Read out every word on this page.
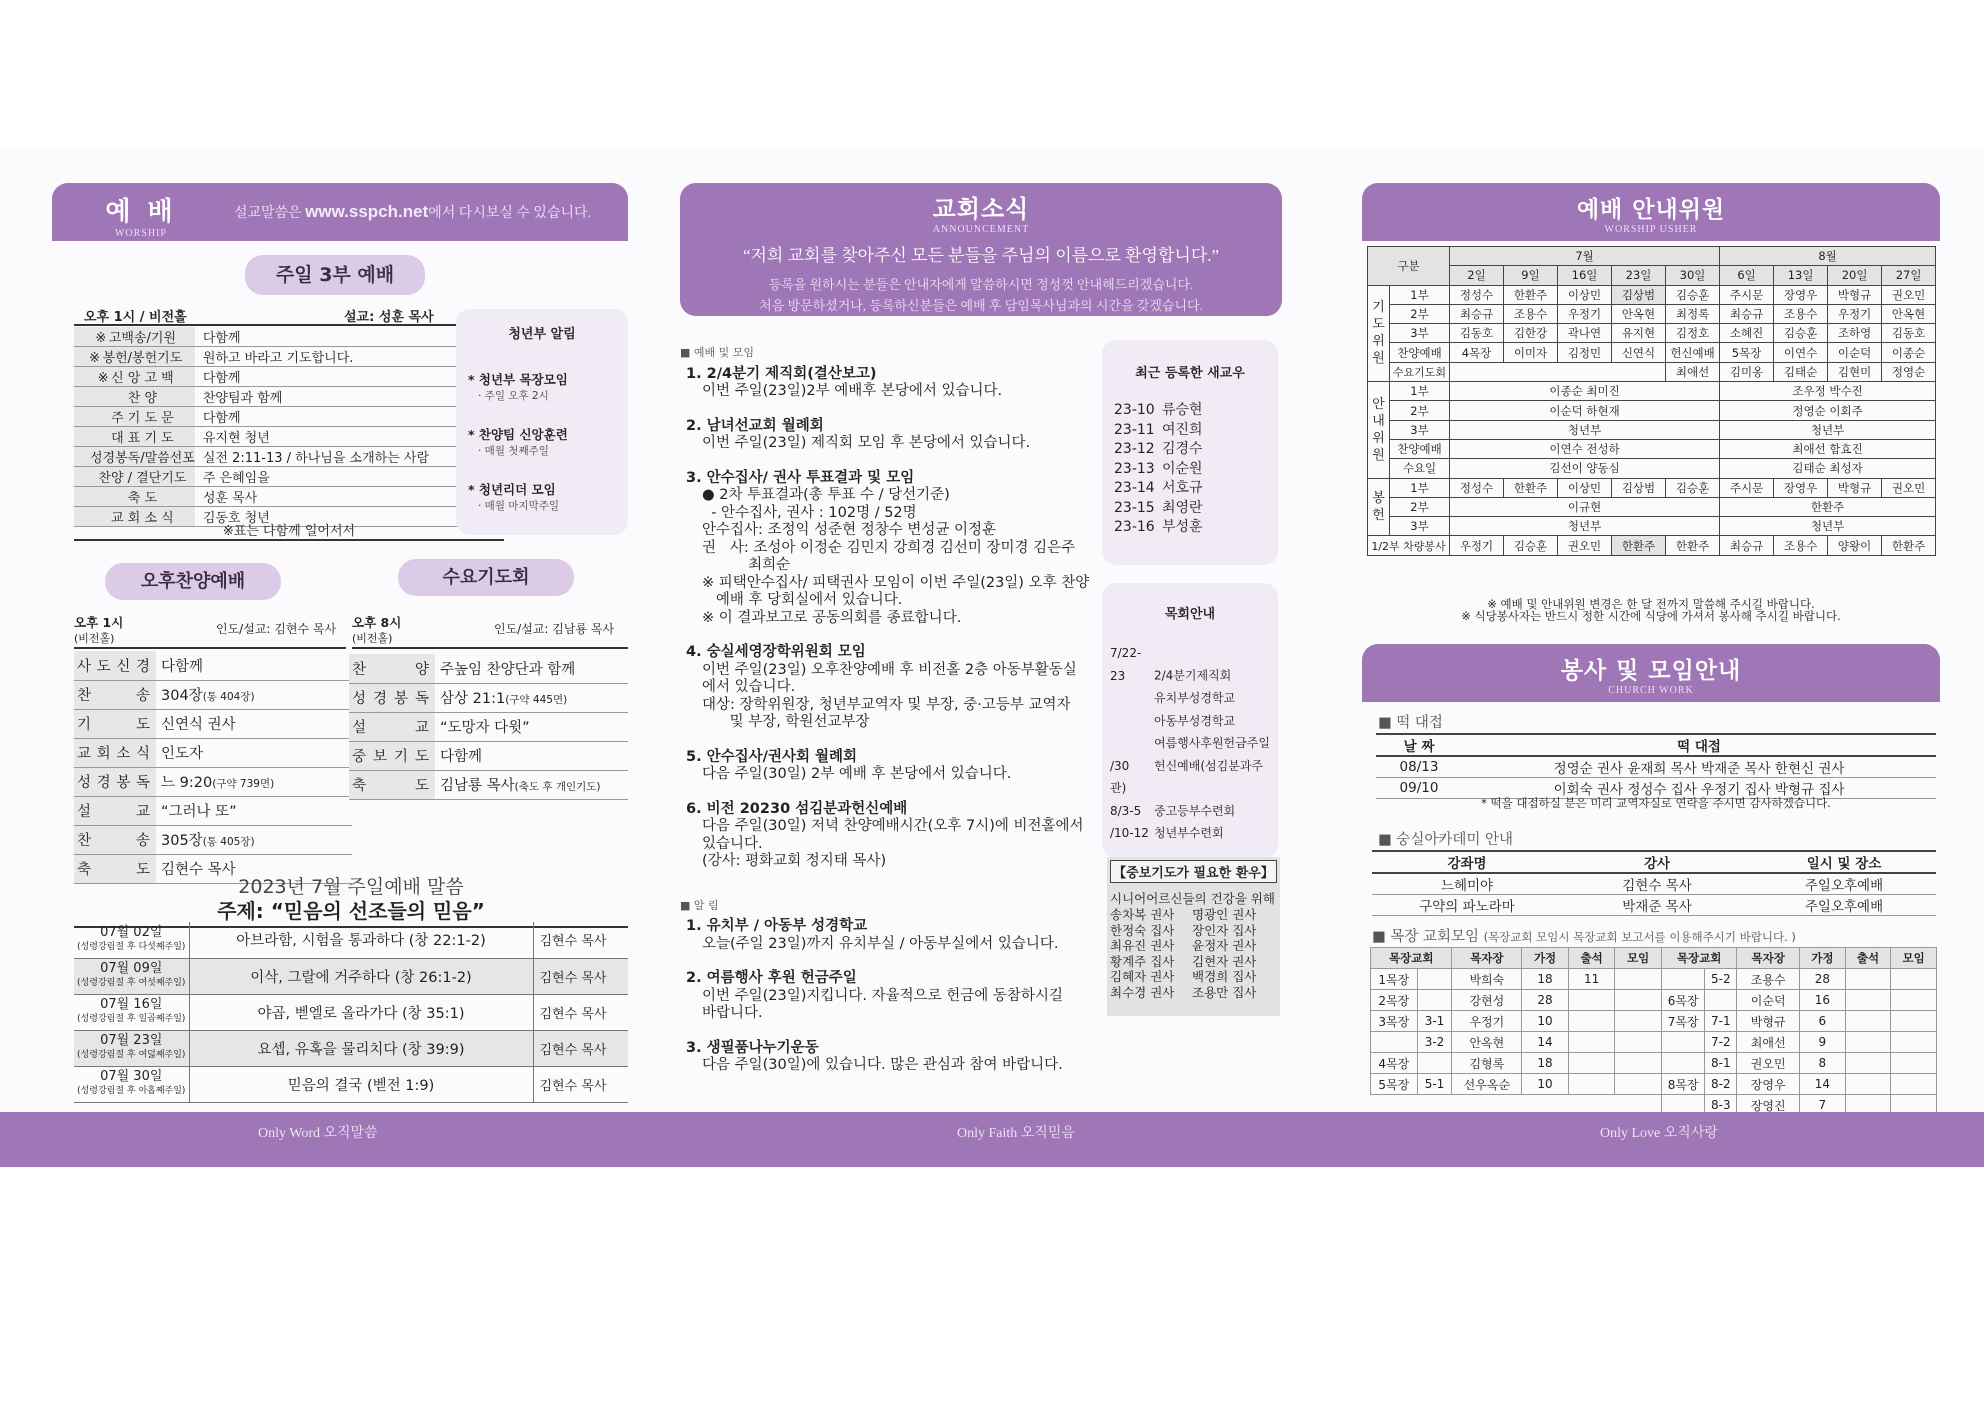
예 배
WORSHIP
설교말씀은 www.sspch.net에서 다시보실 수 있습니다.
주일 3부 예배
오후 1시 / 비전홀	설교: 성훈 목사
※ 고백송/기원	다함께
※ 봉헌/봉헌기도	원하고 바라고 기도합니다.
※ 신 앙 고 백	다함께
찬 양	찬양팀과 함께
주 기 도 문	다함께
대 표 기 도	유지현 청년
성경봉독/말씀선포	실전 2:11-13 / 하나님을 소개하는 사람
찬양 / 결단기도	주 은혜임을
축 도	성훈 목사
교 회 소 식	김동호 청년
※표는 다함께 일어서서
청년부 알림
* 청년부 목장모임
· 주일 오후 2시
* 찬양팀 신앙훈련
· 매월 첫째주일
* 청년리더 모임
· 매월 마지막주일
오후찬양예배	수요기도회
오후 1시
(비전홀)
인도/설교: 김현수 목사
사 도 신 경	다함께
찬 송	304장(통 404장)
기 도	신연식 권사
교 회 소 식	인도자
성 경 봉 독	느 9:20(구약 739면)
설 교	“그러나 또”
찬 송	305장(통 405장)
축 도	김현수 목사
오후 8시
(비전홀)
인도/설교: 김남룡 목사
찬 양	주높임 찬양단과 함께
성 경 봉 독	삼상 21:1(구약 445면)
설 교	“도망자 다윗”
중 보 기 도	다함께
축 도	김남룡 목사(축도 후 개인기도)
2023년 7월 주일예배 말씀
주제: “믿음의 선조들의 믿음”
07월 02일
(성령강림절 후 다섯째주일)	아브라함, 시험을 통과하다 (창 22:1-2)	김현수 목사
07월 09일
(성령강림절 후 여섯째주일)	이삭, 그랄에 거주하다 (창 26:1-2)	김현수 목사
07월 16일
(성령강림절 후 일곱째주일)	야곱, 벧엘로 올라가다 (창 35:1)	김현수 목사
07월 23일
(성령강림절 후 여덟째주일)	요셉, 유혹을 물리치다 (창 39:9)	김현수 목사
07월 30일
(성령강림절 후 아홉째주일)	믿음의 결국 (벧전 1:9)	김현수 목사
교회소식
ANNOUNCEMENT
“저희 교회를 찾아주신 모든 분들을 주님의 이름으로 환영합니다.”
등록을 원하시는 분들은 안내자에게 말씀하시면 정성껏 안내해드리겠습니다.
처음 방문하셨거나, 등록하신분들은 예배 후 담임목사님과의 시간을 갖겠습니다.
■ 예배 및 모임
1. 2/4분기 제직회(결산보고)
이번 주일(23일)2부 예배후 본당에서 있습니다.
2. 남녀선교회 월례회
이번 주일(23일) 제직회 모임 후 본당에서 있습니다.
3. 안수집사/ 권사 투표결과 및 모임
● 2차 투표결과(총 투표 수 / 당선기준)
- 안수집사, 권사 : 102명 / 52명
안수집사: 조정익 성준현 정창수 변성균 이정훈
권   사: 조성아 이정순 김민지 강희경 김선미 장미경 김은주
최희순
※ 피택안수집사/ 피택권사 모임이 이번 주일(23일) 오후 찬양
예배 후 당회실에서 있습니다.
※ 이 결과보고로 공동의회를 종료합니다.
4. 숭실세영장학위원회 모임
이번 주일(23일) 오후찬양예배 후 비전홀 2층 아동부활동실
에서 있습니다.
대상: 장학위원장, 청년부교역자 및 부장, 중·고등부 교역자
및 부장, 학원선교부장
5. 안수집사/권사회 월례회
다음 주일(30일) 2부 예배 후 본당에서 있습니다.
6. 비전 20230 섬김분과헌신예배
다음 주일(30일) 저녁 찬양예배시간(오후 7시)에 비전홀에서
있습니다.
(강사: 평화교회 정지태 목사)
■ 알 림
1. 유치부 / 아동부 성경학교
오늘(주일 23일)까지 유치부실 / 아동부실에서 있습니다.
2. 여름행사 후원 헌금주일
이번 주일(23일)지킵니다. 자율적으로 헌금에 동참하시길
바랍니다.
3. 생필품나누기운동
다음 주일(30일)에 있습니다. 많은 관심과 참여 바랍니다.
최근 등록한 새교우
23-10 류승현
23-11 여진희
23-12 김경수
23-13 이순원
23-14 서호규
23-15 최영란
23-16 부성훈
목회안내
7/22-23 2/4분기제직회
유치부성경학교
아동부성경학교
여름행사후원헌금주일
/30 헌신예배(섬김분과주관)
8/3-5 중고등부수련회
/10-12 청년부수련회
【중보기도가 필요한 환우】
시니어어르신들의 건강을 위해
송차복 권사 명광인 권사
한정숙 집사 장인자 집사
최유진 권사 윤정자 권사
황계주 집사 김현자 권사
김혜자 권사 백경희 집사
최수경 권사 조용만 집사
예배 안내위원
WORSHIP USHER
구분		7월					8월			
		2일	9일	16일	23일	30일	6일	13일	20일	27일
기도위원	1부	정성수	한환주	이상민	김상범	김승훈	주시문	장영우	박형규	권오민
	2부	최승규	조용수	우정기	안옥현	최정록	최승규	조용수	우정기	안옥현
	3부	김동호	김한강	곽나연	유지현	김정호	소혜진	김승훈	조하영	김동호
	찬양예배	4목장	이미자	김정민	신연식	헌신예배	5목장	이연수	이순덕	이종순
	수요기도회					최애선	김미옹	김태순	김현미	정영순
안내위원	1부	이종순 최미진					조우정 박수진			
	2부	이순덕 하현재					정영순 이회주			
	3부	청년부					청년부			
	찬양예배	이연수 전성하					최애선 함효진			
	수요일	김선이 양동심					김태순 최성자			
봉헌	1부	정성수	한환주	이상민	김상범	김승훈	주시문	장영우	박형규	권오민
	2부	이규현					한환주			
	3부	청년부					청년부			
1/2부 차량봉사		우정기	김승훈	권오민	한환주	한환주	최승규	조용수	양왕이	한환주
※ 예배 및 안내위원 변경은 한 달 전까지 말씀해 주시길 바랍니다.
※ 식당봉사자는 반드시 정한 시간에 식당에 가셔서 봉사해 주시길 바랍니다.
봉사 및 모임안내
CHURCH WORK
■ 떡 대접
날 짜	떡 대접
08/13	정영순 권사 윤재희 목사 박재준 목사 한현신 권사
09/10	이회숙 권사 정성수 집사 우정기 집사 박형규 집사
* 떡을 대접하실 분은 미리 교역자실로 연락을 주시면 감사하겠습니다.
■ 숭실아카데미 안내
강좌명	강사	일시 및 장소
느헤미야	김현수 목사	주일오후예배
구약의 파노라마	박재준 목사	주일오후예배
■ 목장 교회모임 (목장교회 모임시 목장교회 보고서를 이용해주시기 바랍니다. )
목장교회		목자장	가정	출석	모임
1목장		박희숙	18	11	
2목장		강현성	28		
3목장	3-1	우정기	10		
	3-2	안옥현	14		
4목장		김형록	18		
5목장	5-1	선우옥순	10		
목장교회		목자장	가정	출석	모임
	5-2	조용수	28		
6목장		이순덕	16		
7목장	7-1	박형규	6		
	7-2	최애선	9		
	8-1	권오민	8		
8목장	8-2	장영우	14		
	8-3	장영진	7		
Only Word 오직말씀	Only Faith 오직믿음	Only Love 오직사랑
